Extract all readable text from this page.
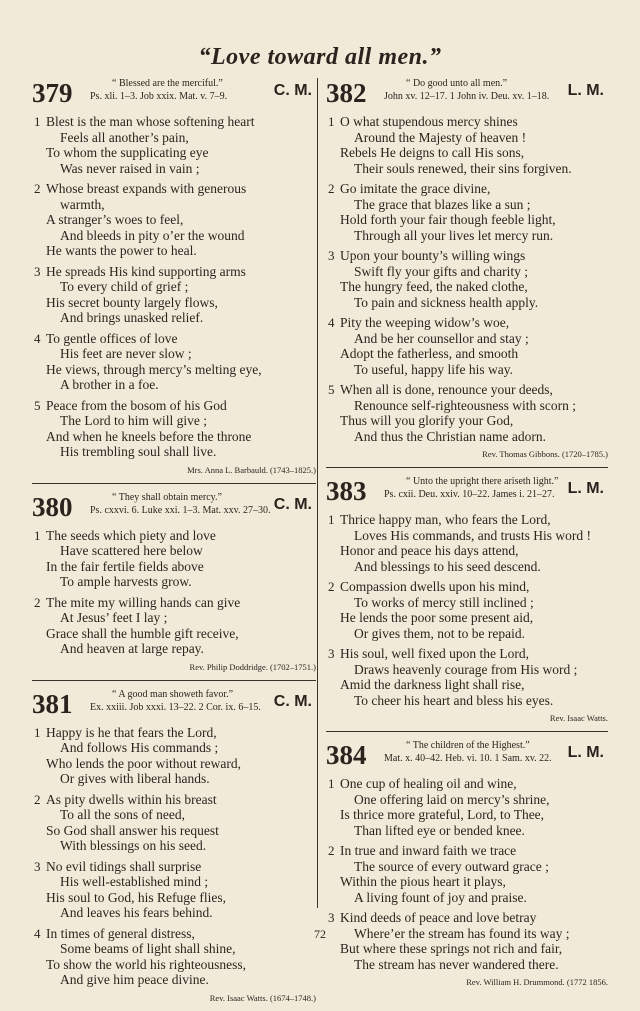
“Love toward all men.”
379	“ Blessed are the merciful.”
Ps. xli. 1–3. Job xxix. Mat. v. 7–9.	C. M.
1 Blest is the man whose softening heart
Feels all another’s pain,
To whom the supplicating eye
Was never raised in vain ;
2 Whose breast expands with generous
warmth,
A stranger’s woes to feel,
And bleeds in pity o’er the wound
He wants the power to heal.
3 He spreads His kind supporting arms
To every child of grief ;
His secret bounty largely flows,
And brings unasked relief.
4 To gentle offices of love
His feet are never slow ;
He views, through mercy’s melting eye,
A brother in a foe.
5 Peace from the bosom of his God
The Lord to him will give ;
And when he kneels before the throne
His trembling soul shall live.
Mrs. Anna L. Barbauld. (1743–1825.)
380	“ They shall obtain mercy.”
Ps. cxxvi. 6. Luke xxi. 1–3. Mat. xxv. 27–30. C. M.
1 The seeds which piety and love
Have scattered here below
In the fair fertile fields above
To ample harvests grow.
2 The mite my willing hands can give
At Jesus’ feet I lay ;
Grace shall the humble gift receive,
And heaven at large repay.
Rev. Philip Doddridge. (1702–1751.)
381	“ A good man showeth favor.”
Ex. xxiii. Job xxxi. 13–22. 2 Cor. ix. 6–15. C. M.
1 Happy is he that fears the Lord,
And follows His commands ;
Who lends the poor without reward,
Or gives with liberal hands.
2 As pity dwells within his breast
To all the sons of need,
So God shall answer his request
With blessings on his seed.
3 No evil tidings shall surprise
His well-established mind ;
His soul to God, his Refuge flies,
And leaves his fears behind.
4 In times of general distress,
Some beams of light shall shine,
To show the world his righteousness,
And give him peace divine.
Rev. Isaac Watts. (1674–1748.)
382	“ Do good unto all men.”
John xv. 12–17. 1 John iv. Deu. xv. 1–18. L. M.
1 O what stupendous mercy shines
Around the Majesty of heaven !
Rebels He deigns to call His sons,
Their souls renewed, their sins forgiven.
2 Go imitate the grace divine,
The grace that blazes like a sun ;
Hold forth your fair though feeble light,
Through all your lives let mercy run.
3 Upon your bounty’s willing wings
Swift fly your gifts and charity ;
The hungry feed, the naked clothe,
To pain and sickness health apply.
4 Pity the weeping widow’s woe,
And be her counsellor and stay ;
Adopt the fatherless, and smooth
To useful, happy life his way.
5 When all is done, renounce your deeds,
Renounce self-righteousness with scorn ;
Thus will you glorify your God,
And thus the Christian name adorn.
Rev. Thomas Gibbons. (1720–1785.)
383	“ Unto the upright there ariseth light.”
Ps. cxii. Deu. xxiv. 10–22. James i. 21–27. L. M.
1 Thrice happy man, who fears the Lord,
Loves His commands, and trusts His word !
Honor and peace his days attend,
And blessings to his seed descend.
2 Compassion dwells upon his mind,
To works of mercy still inclined ;
He lends the poor some present aid,
Or gives them, not to be repaid.
3 His soul, well fixed upon the Lord,
Draws heavenly courage from His word ;
Amid the darkness light shall rise,
To cheer his heart and bless his eyes.
Rev. Isaac Watts.
384	“ The children of the Highest.”
Mat. x. 40–42. Heb. vi. 10. 1 Sam. xv. 22. L. M.
1 One cup of healing oil and wine,
One offering laid on mercy’s shrine,
Is thrice more grateful, Lord, to Thee,
Than lifted eye or bended knee.
2 In true and inward faith we trace
The source of every outward grace ;
Within the pious heart it plays,
A living fount of joy and praise.
3 Kind deeds of peace and love betray
Where’er the stream has found its way ;
But where these springs not rich and fair,
The stream has never wandered there.
Rev. William H. Drummond. (1772 1856.
72
